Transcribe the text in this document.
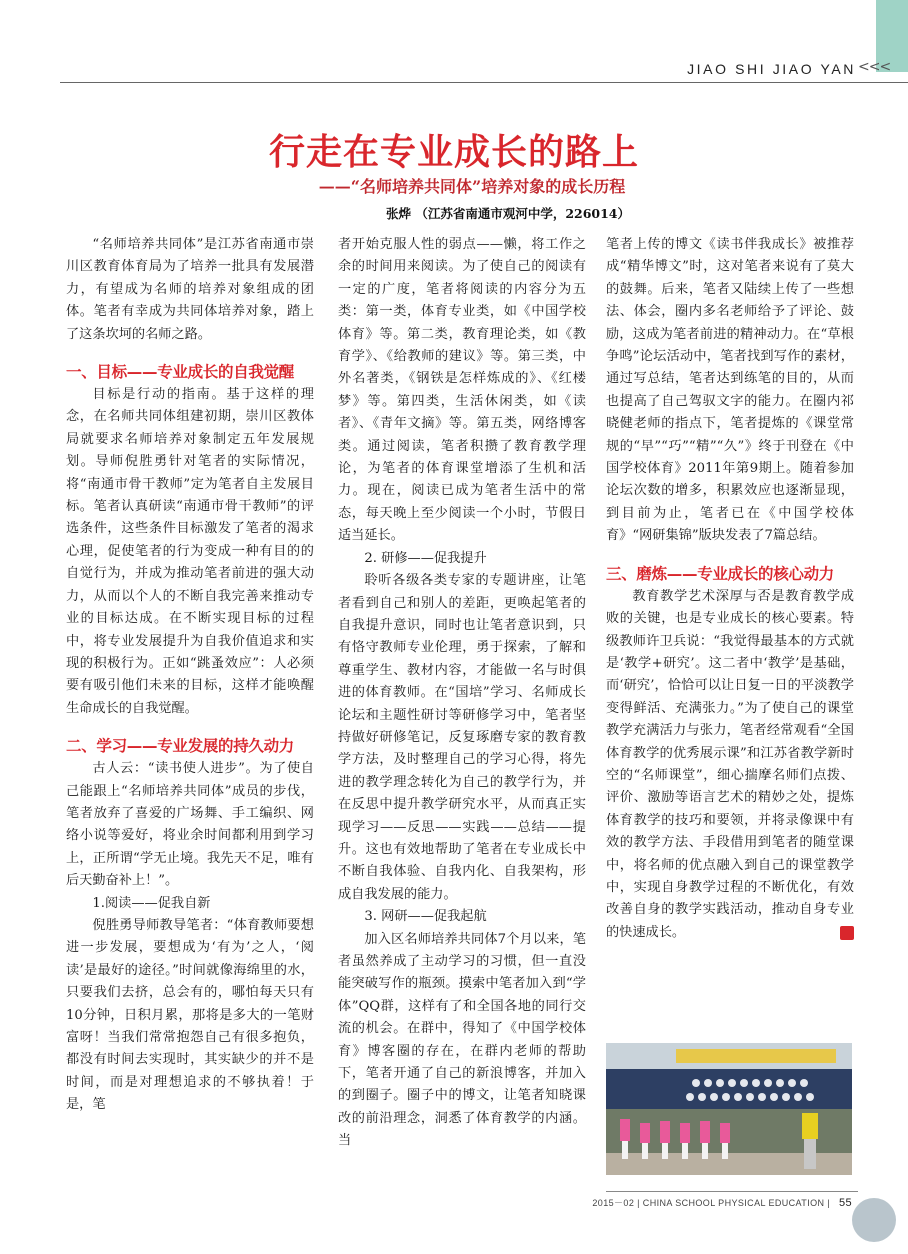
JIAO SHI JIAO YAN <<<
行走在专业成长的路上
——“名师培养共同体”培养对象的成长历程
张烨 （江苏省南通市观河中学，226014）

“名师培养共同体”是江苏省南通市崇川区教育体育局为了培养一批具有发展潜力，有望成为名师的培养对象组成的团体。笔者有幸成为共同体培养对象，踏上了这条坎坷的名师之路。

一、目标——专业成长的自我觉醒

目标是行动的指南。基于这样的理念，在名师共同体组建初期，崇川区教体局就要求名师培养对象制定五年发展规划。导师倪胜勇针对笔者的实际情况，将“南通市骨干教师”定为笔者自主发展目标。笔者认真研读“南通市骨干教师”的评选条件，这些条件目标激发了笔者的渴求心理，促使笔者的行为变成一种有目的的自觉行为，并成为推动笔者前进的强大动力，从而以个人的不断自我完善来推动专业的目标达成。在不断实现目标的过程中，将专业发展提升为自我价值追求和实现的积极行为。正如“跳蚤效应”：人必须要有吸引他们未来的目标，这样才能唤醒生命成长的自我觉醒。

二、学习——专业发展的持久动力

古人云：“读书使人进步”。为了使自己能跟上“名师培养共同体”成员的步伐，笔者放弃了喜爱的广场舞、手工编织、网络小说等爱好，将业余时间都利用到学习上，正所谓“学无止境。我先天不足，唯有后天勤奋补上！”。

1.阅读——促我自新

倪胜勇导师教导笔者：“体育教师要想进一步发展，要想成为‘有为’之人，‘阅读’是最好的途径。”时间就像海绵里的水，只要我们去挤，总会有的，哪怕每天只有10分钟，日积月累，那将是多大的一笔财富呀！当我们常常抱怨自己有很多抱负，都没有时间去实现时，其实缺少的并不是时间，而是对理想追求的不够执着！于是，笔

者开始克服人性的弱点——懒，将工作之余的时间用来阅读。为了使自己的阅读有一定的广度，笔者将阅读的内容分为五类：第一类，体育专业类，如《中国学校体育》等。第二类，教育理论类，如《教育学》、《给教师的建议》等。第三类，中外名著类，《钢铁是怎样炼成的》、《红楼梦》等。第四类，生活休闲类，如《读者》、《青年文摘》等。第五类，网络博客类。通过阅读，笔者积攒了教育教学理论，为笔者的体育课堂增添了生机和活力。现在，阅读已成为笔者生活中的常态，每天晚上至少阅读一个小时，节假日适当延长。

2. 研修——促我提升

聆听各级各类专家的专题讲座，让笔者看到自己和别人的差距，更唤起笔者的自我提升意识，同时也让笔者意识到，只有恪守教师专业伦理，勇于探索，了解和尊重学生、教材内容，才能做一名与时俱进的体育教师。在“国培”学习、名师成长论坛和主题性研讨等研修学习中，笔者坚持做好研修笔记，反复琢磨专家的教育教学方法，及时整理自己的学习心得，将先进的教学理念转化为自己的教学行为，并在反思中提升教学研究水平，从而真正实现学习——反思——实践——总结——提升。这也有效地帮助了笔者在专业成长中不断自我体验、自我内化、自我架构，形成自我发展的能力。

3. 网研——促我起航

加入区名师培养共同体7个月以来，笔者虽然养成了主动学习的习惯，但一直没能突破写作的瓶颈。摸索中笔者加入到“学体”QQ群，这样有了和全国各地的同行交流的机会。在群中，得知了《中国学校体育》博客圈的存在，在群内老师的帮助下，笔者开通了自己的新浪博客，并加入的到圈子。圈子中的博文，让笔者知晓课改的前沿理念，洞悉了体育教学的内涵。当

笔者上传的博文《读书伴我成长》被推荐成“精华博文”时，这对笔者来说有了莫大的鼓舞。后来，笔者又陆续上传了一些想法、体会，圈内多名老师给予了评论、鼓励，这成为笔者前进的精神动力。在“草根争鸣”论坛活动中，笔者找到写作的素材，通过写总结，笔者达到练笔的目的，从而也提高了自己驾驭文字的能力。在圈内祁晓健老师的指点下，笔者提炼的《课堂常规的“早”“巧”“精”“久”》终于刊登在《中国学校体育》2011年第9期上。随着参加论坛次数的增多，积累效应也逐渐显现，到目前为止，笔者已在《中国学校体育》“网研集锦”版块发表了7篇总结。

三、磨炼——专业成长的核心动力

教育教学艺术深厚与否是教育教学成败的关键，也是专业成长的核心要素。特级教师许卫兵说：“我觉得最基本的方式就是‘教学+研究’。这二者中‘教学’是基础，而‘研究’，恰恰可以让日复一日的平淡教学变得鲜活、充满张力。”为了使自己的课堂教学充满活力与张力，笔者经常观看“全国体育教学的优秀展示课”和江苏省教学新时空的“名师课堂”，细心揣摩名师们点拨、评价、激励等语言艺术的精妙之处，提炼体育教学的技巧和要领，并将录像课中有效的教学方法、手段借用到笔者的随堂课中，将名师的优点融入到自己的课堂教学中，实现自身教学过程的不断优化，有效改善自身的教学实践活动，推动自身专业的快速成长。	学

2015－02 | CHINA SCHOOL PHYSICAL EDUCATION | 55
